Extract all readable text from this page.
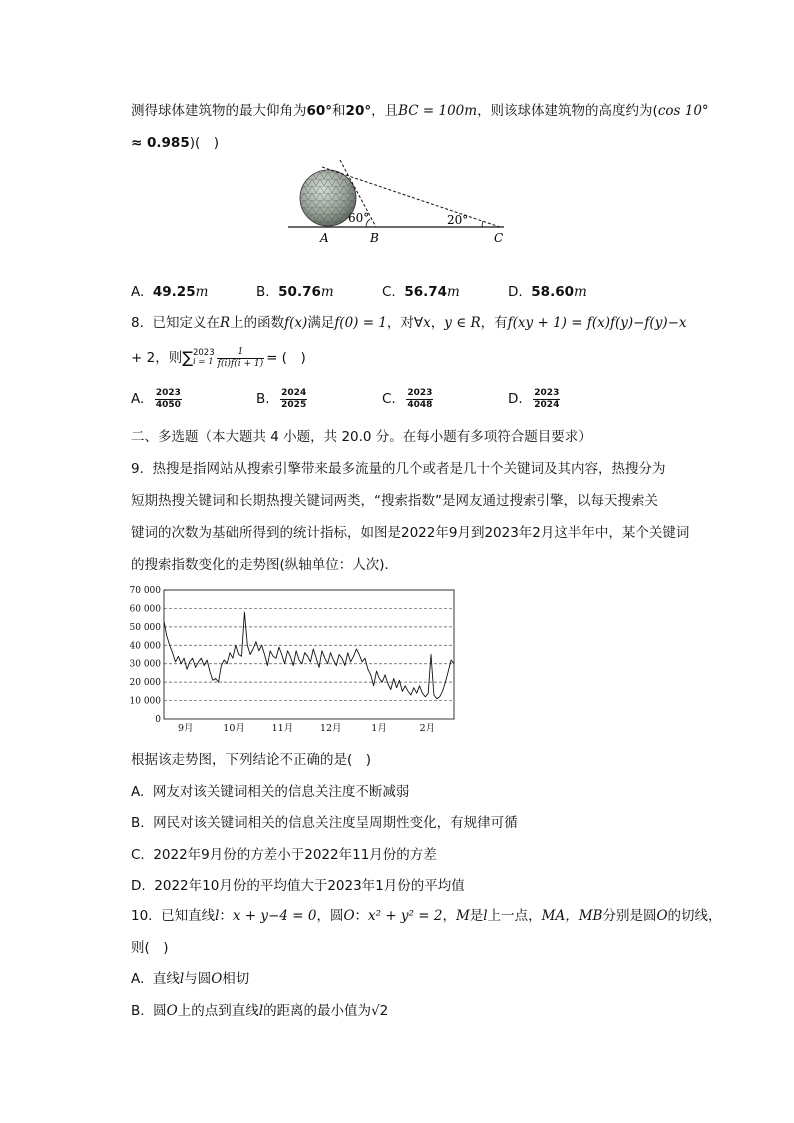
测得球体建筑物的最大仰角为60°和20°，且BC = 100m，则该球体建筑物的高度约为(cos 10°
≈ 0.985)(　)
60°	20°
A	B	C
A. 49.25m	B. 50.76m	C. 56.74m	D. 58.60m
8. 已知定义在R上的函数f(x)满足f(0) = 1，对∀x，y ∈ R，有f(xy + 1) = f(x)f(y)−f(y)−x
+ 2，则∑ 2023
$i = 1 \frac{1}{f(i)f(i + 1)}$ = (　)
A. $\frac{2023}{4050}$	B. $\frac{2024}{2025}$	C. $\frac{2023}{4048}$	D. $\frac{2023}{2024}$
二、多选题（本大题共 4 小题，共 20.0 分。在每小题有多项符合题目要求）
9. 热搜是指网站从搜索引擎带来最多流量的几个或者是几十个关键词及其内容，热搜分为
短期热搜关键词和长期热搜关键词两类，“搜索指数”是网友通过搜索引擎，以每天搜索关
键词的次数为基础所得到的统计指标，如图是2022年9月到2023年2月这半年中，某个关键词
的搜索指数变化的走势图(纵轴单位：人次)．
0
10 000
20 000
30 000
40 000
50 000
60 000
70 000
9月	10月	11月	12月	1月	2月
根据该走势图，下列结论不正确的是(　)
A. 网友对该关键词相关的信息关注度不断减弱
B. 网民对该关键词相关的信息关注度呈周期性变化，有规律可循
C. 2022年9月份的方差小于2022年11月份的方差
D. 2022年10月份的平均值大于2023年1月份的平均值
10. 已知直线l：x + y−4 = 0，圆O：x² + y² = 2，M是l上一点，MA，MB分别是圆O的切线，
则(　)
A. 直线l与圆O相切
B. 圆O上的点到直线l的距离的最小值为√2
